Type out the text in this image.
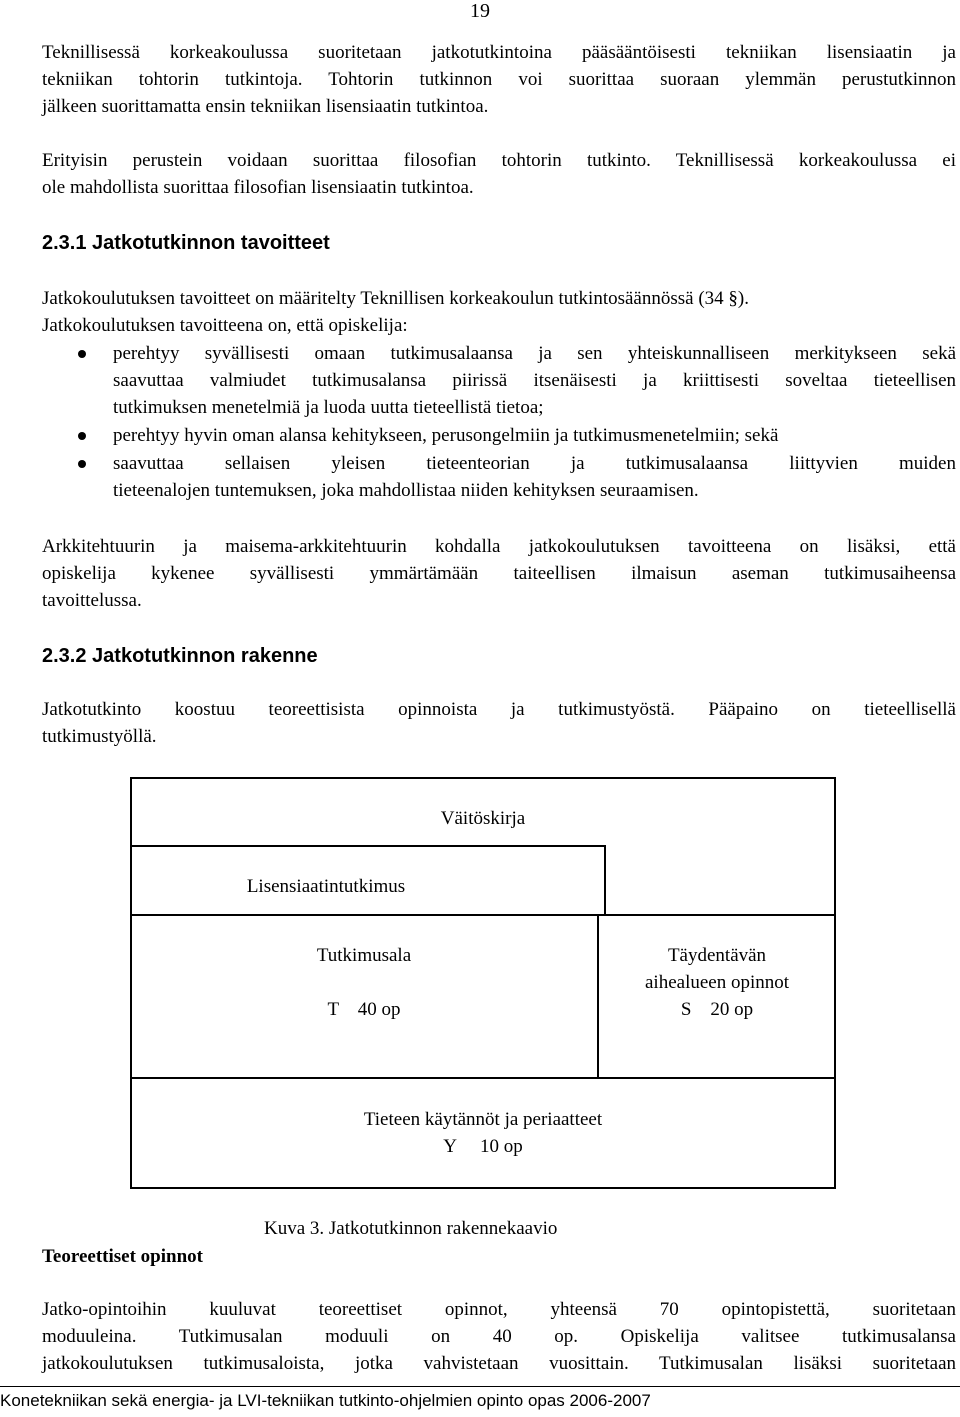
19
Teknillisessä korkeakoulussa suoritetaan jatkotutkintoina pääsääntöisesti tekniikan lisensiaatin ja
tekniikan tohtorin tutkintoja. Tohtorin tutkinnon voi suorittaa suoraan ylemmän perustutkinnon
jälkeen suorittamatta ensin tekniikan lisensiaatin tutkintoa.
Erityisin perustein voidaan suorittaa filosofian tohtorin tutkinto. Teknillisessä korkeakoulussa ei
ole mahdollista suorittaa filosofian lisensiaatin tutkintoa.
2.3.1 Jatkotutkinnon tavoitteet
Jatkokoulutuksen tavoitteet on määritelty Teknillisen korkeakoulun tutkintosäännössä (34 §).
Jatkokoulutuksen tavoitteena on, että opiskelija:
perehtyy syvällisesti omaan tutkimusalaansa ja sen yhteiskunnalliseen merkitykseen sekä
saavuttaa valmiudet tutkimusalansa piirissä itsenäisesti ja kriittisesti soveltaa tieteellisen
tutkimuksen menetelmiä ja luoda uutta tieteellistä tietoa;
perehtyy hyvin oman alansa kehitykseen, perusongelmiin ja tutkimusmenetelmiin; sekä
saavuttaa sellaisen yleisen tieteenteorian ja tutkimusalaansa liittyvien muiden
tieteenalojen tuntemuksen, joka mahdollistaa niiden kehityksen seuraamisen.
Arkkitehtuurin ja maisema-arkkitehtuurin kohdalla jatkokoulutuksen tavoitteena on lisäksi, että
opiskelija kykenee syvällisesti ymmärtämään taiteellisen ilmaisun aseman tutkimusaiheensa
tavoittelussa.
2.3.2 Jatkotutkinnon rakenne
Jatkotutkinto koostuu teoreettisista opinnoista ja tutkimustyöstä. Pääpaino on tieteellisellä
tutkimustyöllä.
Väitöskirja
Lisensiaatintutkimus
Tutkimusala
T    40 op
Täydentävän
aihealueen opinnot
S    20 op
Tieteen käytännöt ja periaatteet
Y     10 op
Kuva 3. Jatkotutkinnon rakennekaavio
Teoreettiset opinnot
Jatko-opintoihin kuuluvat teoreettiset opinnot, yhteensä 70 opintopistettä, suoritetaan
moduuleina. Tutkimusalan moduuli on 40 op. Opiskelija valitsee tutkimusalansa
jatkokoulutuksen tutkimusaloista, jotka vahvistetaan vuosittain. Tutkimusalan lisäksi suoritetaan
Konetekniikan sekä energia- ja LVI-tekniikan tutkinto-ohjelmien opinto opas 2006-2007
